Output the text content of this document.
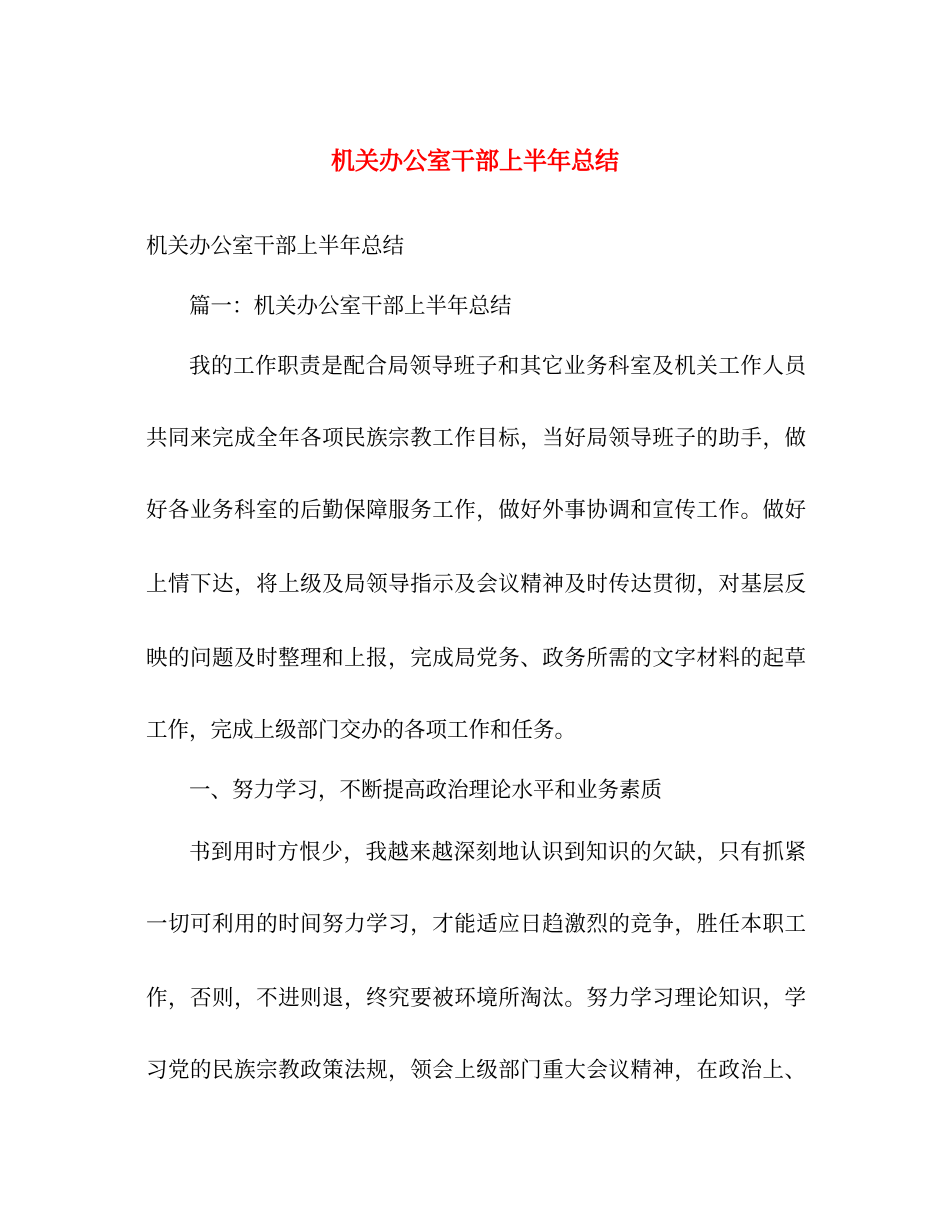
机关办公室干部上半年总结
机关办公室干部上半年总结
篇一：机关办公室干部上半年总结
我的工作职责是配合局领导班子和其它业务科室及机关工作人员
共同来完成全年各项民族宗教工作目标，当好局领导班子的助手，做
好各业务科室的后勤保障服务工作，做好外事协调和宣传工作。做好
上情下达，将上级及局领导指示及会议精神及时传达贯彻，对基层反
映的问题及时整理和上报，完成局党务、政务所需的文字材料的起草
工作，完成上级部门交办的各项工作和任务。
一、努力学习，不断提高政治理论水平和业务素质
书到用时方恨少，我越来越深刻地认识到知识的欠缺，只有抓紧
一切可利用的时间努力学习，才能适应日趋激烈的竞争，胜任本职工
作，否则，不进则退，终究要被环境所淘汰。努力学习理论知识，学
习党的民族宗教政策法规，领会上级部门重大会议精神，在政治上、
